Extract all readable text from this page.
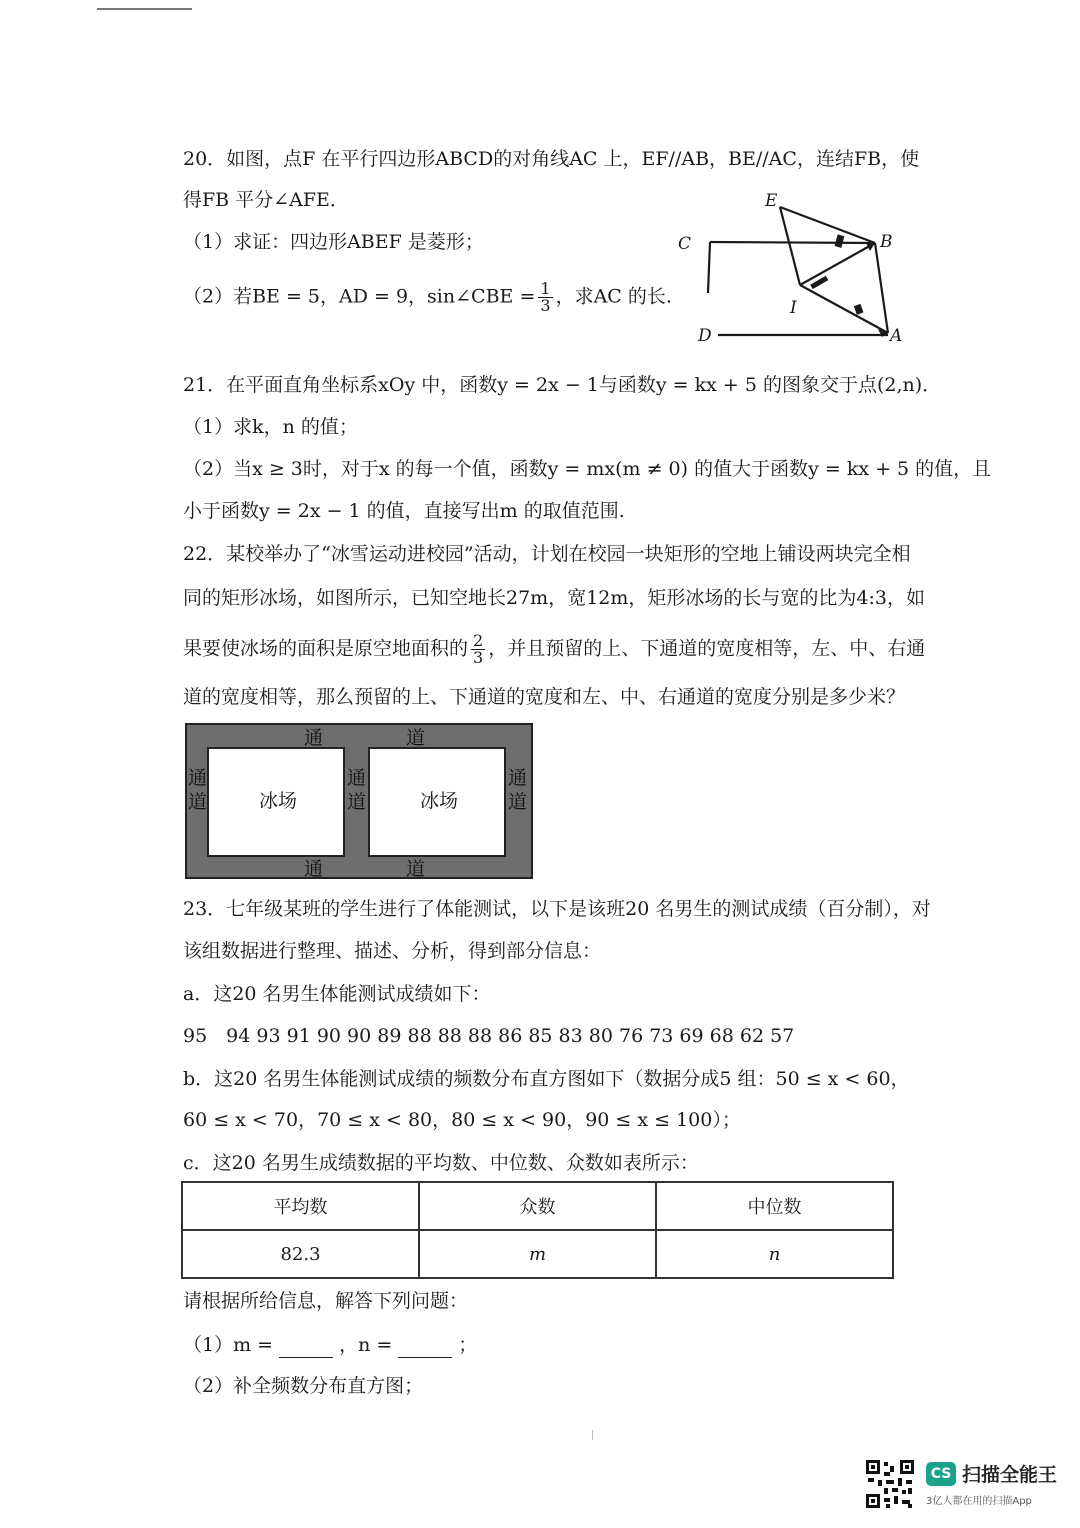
20．如图，点F 在平行四边形ABCD的对角线AC 上，EF//AB，BE//AC，连结FB，使
得FB 平分∠AFE．
（1）求证：四边形ABEF 是菱形；
（2）若BE = 5，AD = 9，sin∠CBE = $\frac{1}{3}$ ，求AC 的长.
E
C	B
I
D	A
21．在平面直角坐标系xOy 中，函数y = 2x − 1与函数y = kx + 5 的图象交于点(2,n)．
（1）求k，n 的值；
（2）当x ≥ 3时，对于x 的每一个值，函数y = mx(m ≠ 0) 的值大于函数y = kx + 5 的值，且
小于函数y = 2x − 1 的值，直接写出m 的取值范围.
22．某校举办了“冰雪运动进校园”活动，计划在校园一块矩形的空地上铺设两块完全相
同的矩形冰场，如图所示，已知空地长27m，宽12m，矩形冰场的长与宽的比为4:3，如
果要使冰场的面积是原空地面积的 $\frac{2}{3}$ ，并且预留的上、下通道的宽度相等，左、中、右通
道的宽度相等，那么预留的上、下通道的宽度和左、中、右通道的宽度分别是多少米？
通	道
通	道
通
道
通
道
通
道
冰场	冰场
23．七年级某班的学生进行了体能测试，以下是该班20 名男生的测试成绩（百分制），对
该组数据进行整理、描述、分析，得到部分信息：
a．这20 名男生体能测试成绩如下：
95　94 93 91 90 90 89 88 88 88 86 85 83 80 76 73 69 68 62 57
b．这20 名男生体能测试成绩的频数分布直方图如下（数据分成5 组：50 ≤ x < 60，
60 ≤ x < 70，70 ≤ x < 80，80 ≤ x < 90，90 ≤ x ≤ 100）；
c．这20 名男生成绩数据的平均数、中位数、众数如表所示：
平均数	众数	中位数
82.3	m	n
请根据所给信息，解答下列问题：
（1）m =	，n =	；
（2）补全频数分布直方图；
CS 扫描全能王
3亿人都在用的扫描App
